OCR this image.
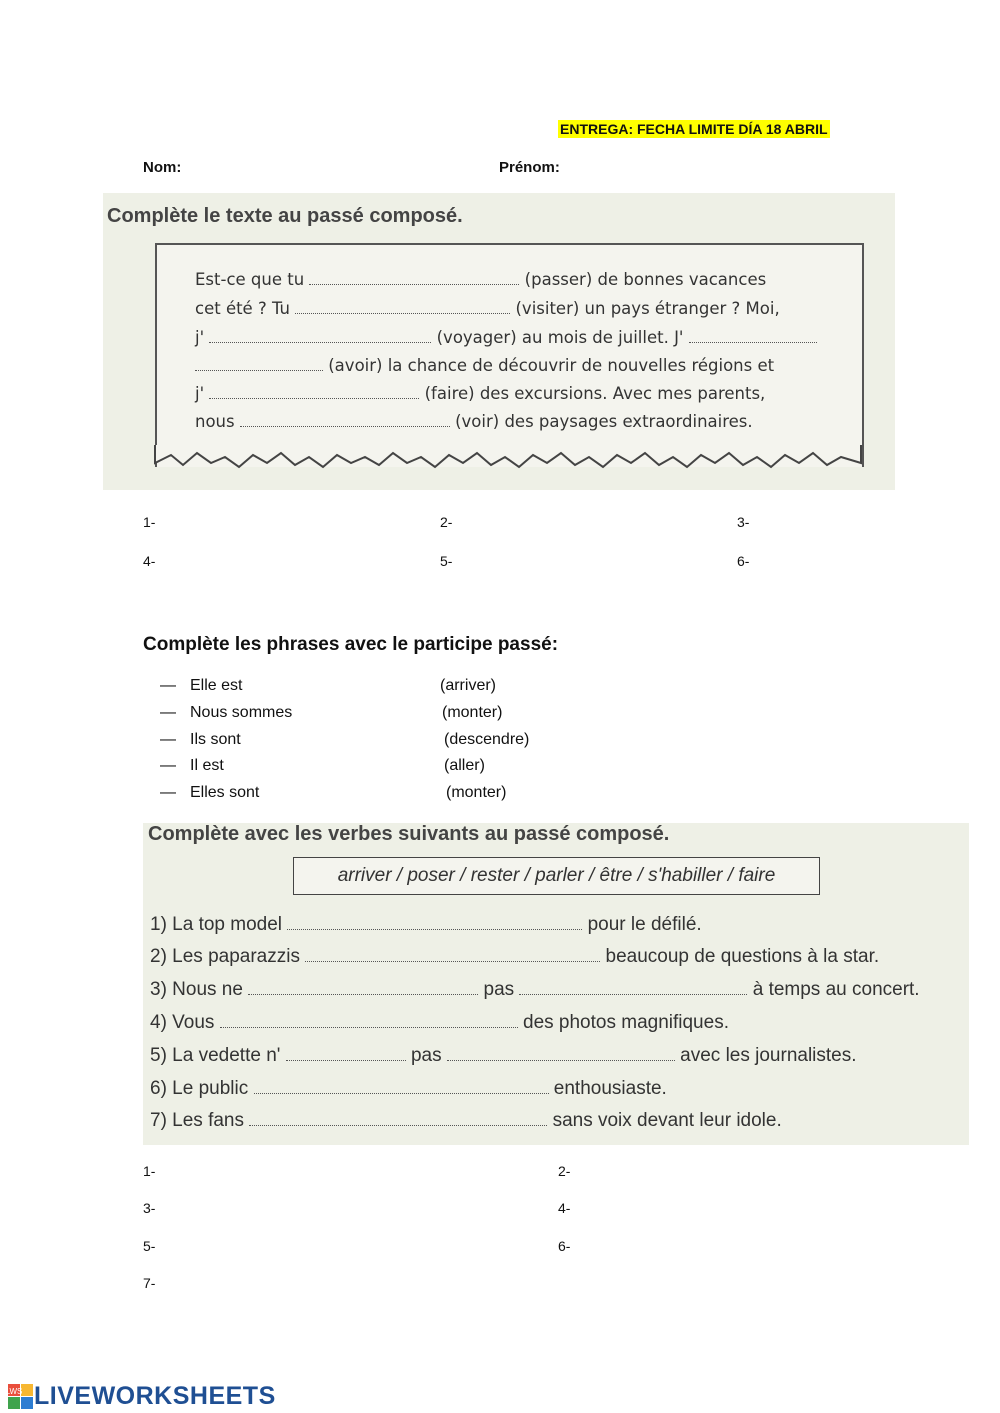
ENTREGA: FECHA LIMITE DÍA 18 ABRIL
Nom:	Prénom:
Complète le texte au passé composé.
Est-ce que tu	(passer) de bonnes vacances
cet été ? Tu	(visiter) un pays étranger ? Moi,
j'	(voyager) au mois de juillet. J'
(avoir) la chance de découvrir de nouvelles régions et
j'	(faire) des excursions. Avec mes parents,
nous	(voir) des paysages extraordinaires.
1-	2-	3-
4-	5-	6-
Complète les phrases avec le participe passé:
— Elle est	(arriver)
— Nous sommes	(monter)
— Ils sont	(descendre)
— Il est	(aller)
— Elles sont	(monter)
Complète avec les verbes suivants au passé composé.
arriver / poser / rester / parler / être / s'habiller / faire
1) La top model	pour le défilé.
2) Les paparazzis	beaucoup de questions à la star.
3) Nous ne	pas	à temps au concert.
4) Vous	des photos magnifiques.
5) La vedette n'	pas	avec les journalistes.
6) Le public	enthousiaste.
7) Les fans	sans voix devant leur idole.
1-	2-
3-	4-
5-	6-
7-
LWS LIVEWORKSHEETS
